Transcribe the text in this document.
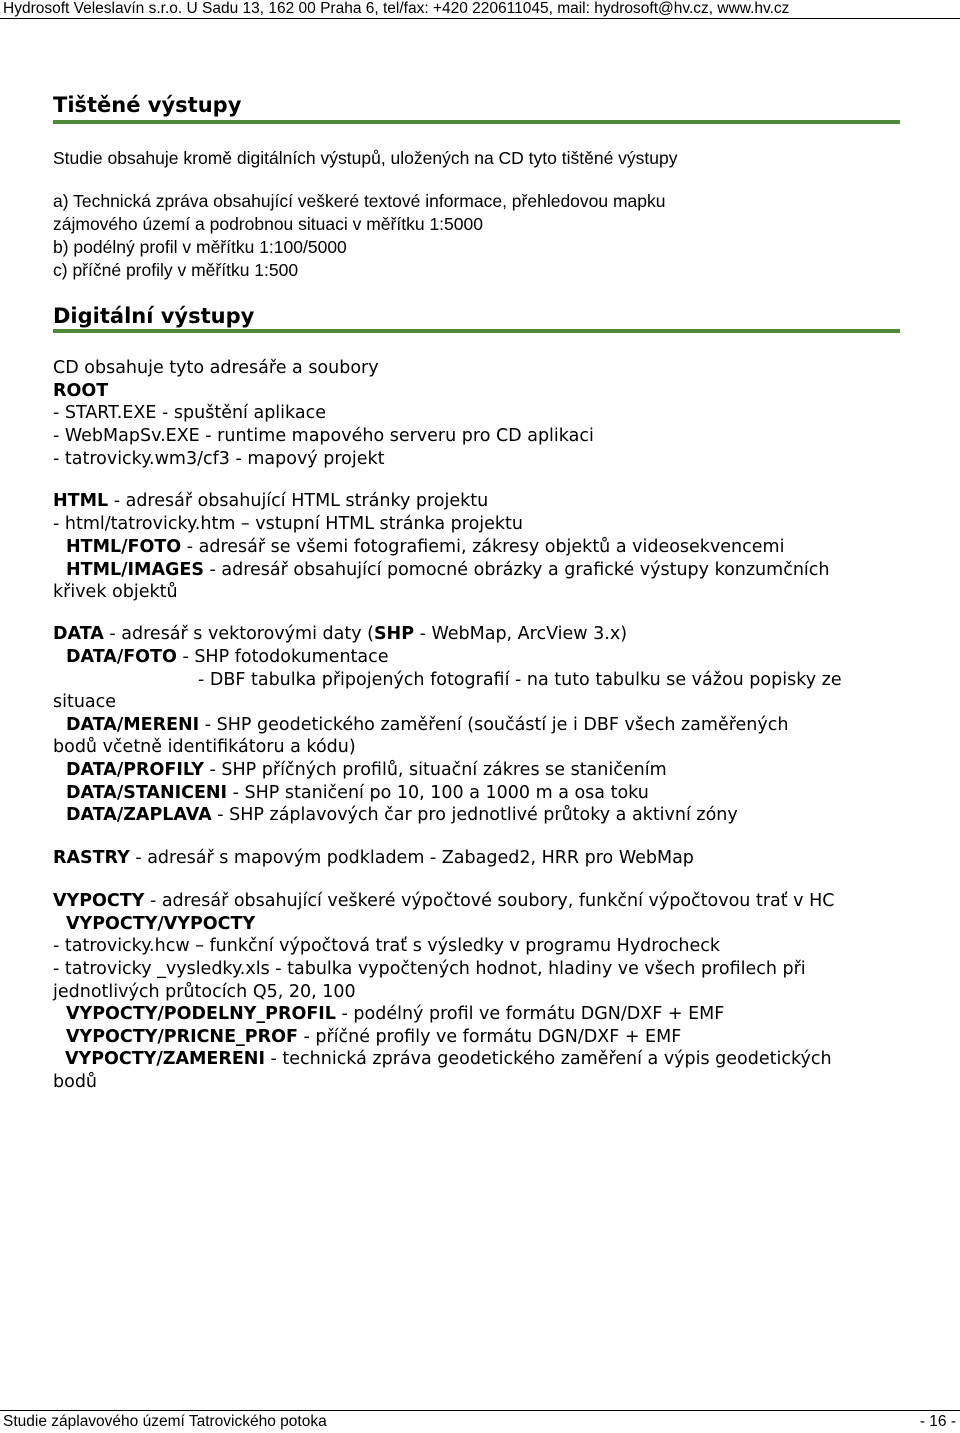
Hydrosoft Veleslavín s.r.o. U Sadu 13, 162 00 Praha 6, tel/fax: +420 220611045, mail: hydrosoft@hv.cz, www.hv.cz
Tištěné výstupy
Studie obsahuje kromě digitálních výstupů, uložených na CD tyto tištěné výstupy
a) Technická zpráva obsahující veškeré textové informace, přehledovou mapku
zájmového území a podrobnou situaci v měřítku 1:5000
b) podélný profil v měřítku 1:100/5000
c) příčné profily v měřítku 1:500
Digitální výstupy
CD obsahuje tyto adresáře a soubory
ROOT
- START.EXE - spuštění aplikace
- WebMapSv.EXE - runtime mapového serveru pro CD aplikaci
- tatrovicky.wm3/cf3 - mapový projekt
HTML - adresář obsahující HTML stránky projektu
- html/tatrovicky.htm – vstupní HTML stránka projektu
HTML/FOTO - adresář se všemi fotografiemi, zákresy objektů a videosekvencemi
HTML/IMAGES - adresář obsahující pomocné obrázky a grafické výstupy konzumčních
křivek objektů
DATA - adresář s vektorovými daty (SHP - WebMap, ArcView 3.x)
DATA/FOTO - SHP fotodokumentace
- DBF tabulka připojených fotografií - na tuto tabulku se vážou popisky ze
situace
DATA/MERENI - SHP geodetického zaměření (součástí je i DBF všech zaměřených
bodů včetně identifikátoru a kódu)
DATA/PROFILY - SHP příčných profilů, situační zákres se staničením
DATA/STANICENI - SHP staničení po 10, 100 a 1000 m a osa toku
DATA/ZAPLAVA - SHP záplavových čar pro jednotlivé průtoky a aktivní zóny
RASTRY - adresář s mapovým podkladem - Zabaged2, HRR pro WebMap
VYPOCTY - adresář obsahující veškeré výpočtové soubory, funkční výpočtovou trať v HC
VYPOCTY/VYPOCTY
- tatrovicky.hcw – funkční výpočtová trať s výsledky v programu Hydrocheck
- tatrovicky _vysledky.xls - tabulka vypočtených hodnot, hladiny ve všech profilech při
jednotlivých průtocích Q5, 20, 100
VYPOCTY/PODELNY_PROFIL - podélný profil ve formátu DGN/DXF + EMF
VYPOCTY/PRICNE_PROF - příčné profily ve formátu DGN/DXF + EMF
VYPOCTY/ZAMERENI - technická zpráva geodetického zaměření a výpis geodetických
bodů
Studie záplavového území Tatrovického potoka	- 16 -
